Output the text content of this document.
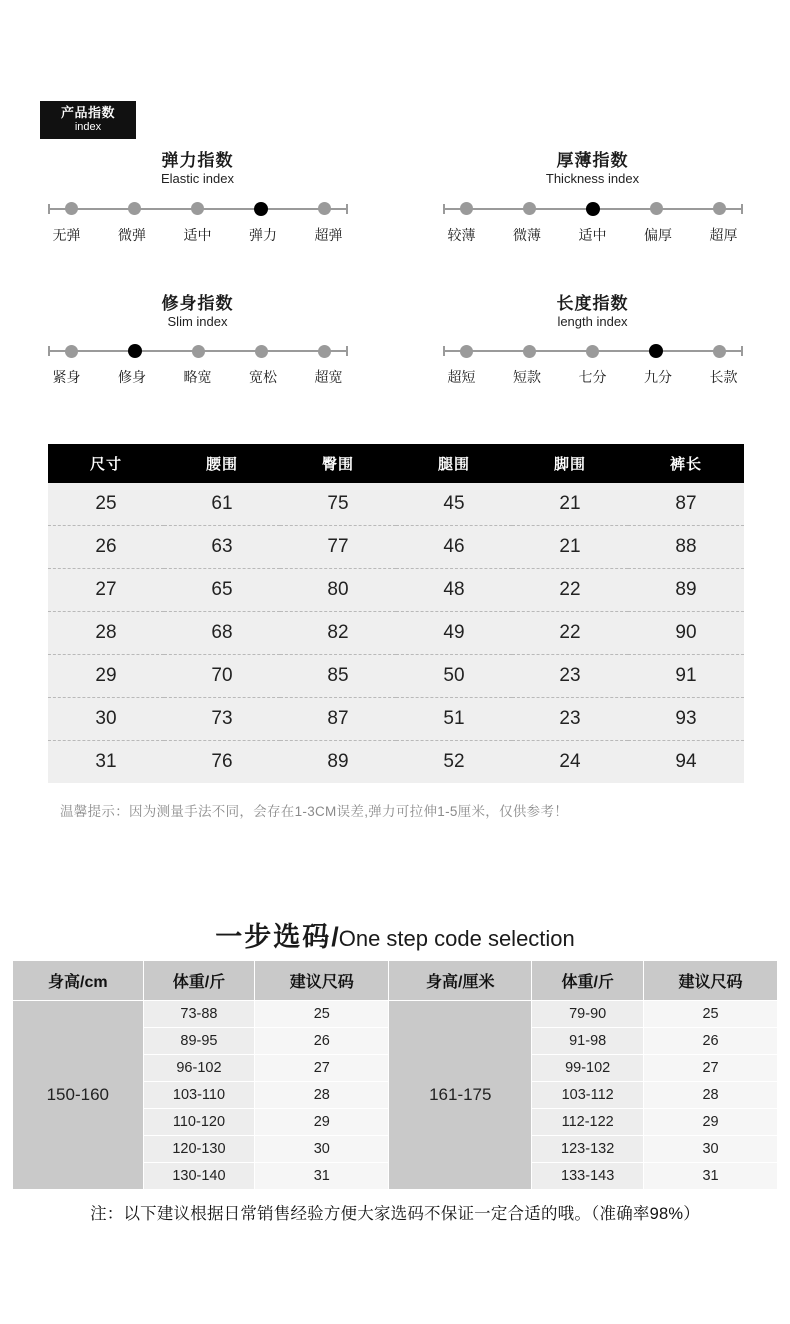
产品指数
index
弹力指数
Elastic index
无弹	微弹	适中	弹力	超弹
厚薄指数
Thickness index
较薄	微薄	适中	偏厚	超厚
修身指数
Slim index
紧身	修身	略宽	宽松	超宽
长度指数
length index
超短	短款	七分	九分	长款
尺寸	腰围	臀围	腿围	脚围	裤长
25	61	75	45	21	87
26	63	77	46	21	88
27	65	80	48	22	89
28	68	82	49	22	90
29	70	85	50	23	91
30	73	87	51	23	93
31	76	89	52	24	94
温馨提示：因为测量手法不同，会存在1-3CM误差,弹力可拉伸1-5厘米，仅供参考！
一步选码/One step code selection
身高/cm	体重/斤	建议尺码	身高/厘米	体重/斤	建议尺码
150-160	73-88	25	161-175	79-90	25
	89-95	26		91-98	26
	96-102	27		99-102	27
	103-110	28		103-112	28
	110-120	29		112-122	29
	120-130	30		123-132	30
	130-140	31		133-143	31
注：以下建议根据日常销售经验方便大家选码不保证一定合适的哦。（准确率98%）
